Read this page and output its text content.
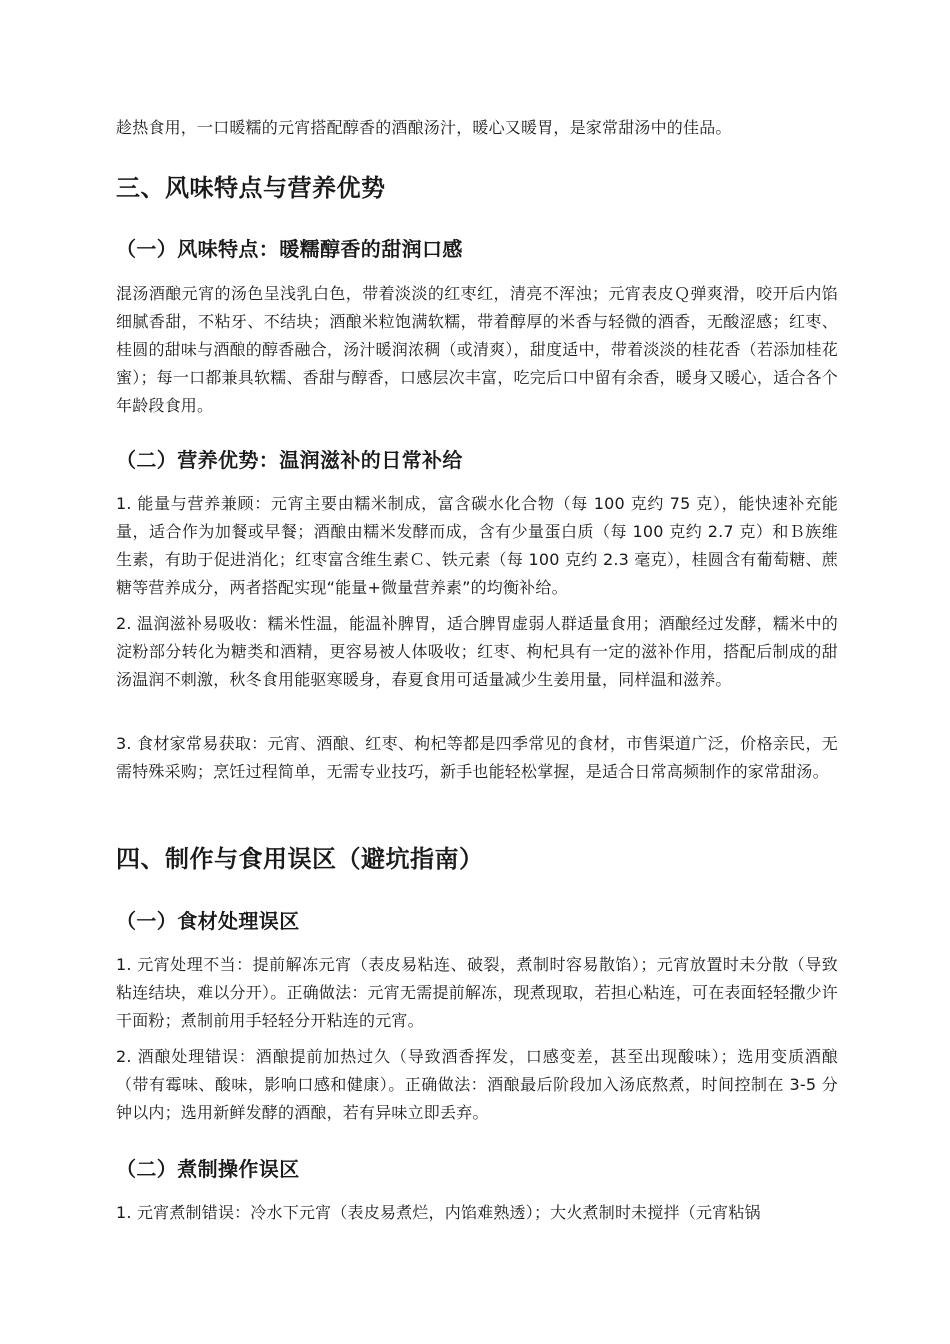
趁热食用，一口暖糯的元宵搭配醇香的酒酿汤汁，暖心又暖胃，是家常甜汤中的佳品。

三、风味特点与营养优势
（一）风味特点：暖糯醇香的甜润口感

混汤酒酿元宵的汤色呈浅乳白色，带着淡淡的红枣红，清亮不浑浊；元宵表皮Ｑ弹爽滑，咬开后内馅细腻香甜，不粘牙、不结块；酒酿米粒饱满软糯，带着醇厚的米香与轻微的酒香，无酸涩感；红枣、桂圆的甜味与酒酿的醇香融合，汤汁暖润浓稠（或清爽），甜度适中，带着淡淡的桂花香（若添加桂花蜜）；每一口都兼具软糯、香甜与醇香，口感层次丰富，吃完后口中留有余香，暖身又暖心，适合各个年龄段食用。

（二）营养优势：温润滋补的日常补给

1. 能量与营养兼顾：元宵主要由糯米制成，富含碳水化合物（每 100 克约 75 克），能快速补充能量，适合作为加餐或早餐；酒酿由糯米发酵而成，含有少量蛋白质（每 100 克约 2.7 克）和Ｂ族维生素，有助于促进消化；红枣富含维生素Ｃ、铁元素（每 100 克约 2.3 毫克），桂圆含有葡萄糖、蔗糖等营养成分，两者搭配实现“能量+微量营养素”的均衡补给。

2. 温润滋补易吸收：糯米性温，能温补脾胃，适合脾胃虚弱人群适量食用；酒酿经过发酵，糯米中的淀粉部分转化为糖类和酒精，更容易被人体吸收；红枣、枸杞具有一定的滋补作用，搭配后制成的甜汤温润不刺激，秋冬食用能驱寒暖身，春夏食用可适量减少生姜用量，同样温和滋养。

3. 食材家常易获取：元宵、酒酿、红枣、枸杞等都是四季常见的食材，市售渠道广泛，价格亲民，无需特殊采购；烹饪过程简单，无需专业技巧，新手也能轻松掌握，是适合日常高频制作的家常甜汤。

四、制作与食用误区（避坑指南）
（一）食材处理误区

1. 元宵处理不当：提前解冻元宵（表皮易粘连、破裂，煮制时容易散馅）；元宵放置时未分散（导致粘连结块，难以分开）。正确做法：元宵无需提前解冻，现煮现取，若担心粘连，可在表面轻轻撒少许干面粉；煮制前用手轻轻分开粘连的元宵。

2. 酒酿处理错误：酒酿提前加热过久（导致酒香挥发，口感变差，甚至出现酸味）；选用变质酒酿（带有霉味、酸味，影响口感和健康）。正确做法：酒酿最后阶段加入汤底熬煮，时间控制在 3-5 分钟以内；选用新鲜发酵的酒酿，若有异味立即丢弃。

（二）煮制操作误区

1. 元宵煮制错误：冷水下元宵（表皮易煮烂，内馅难熟透）；大火煮制时未搅拌（元宵粘锅
